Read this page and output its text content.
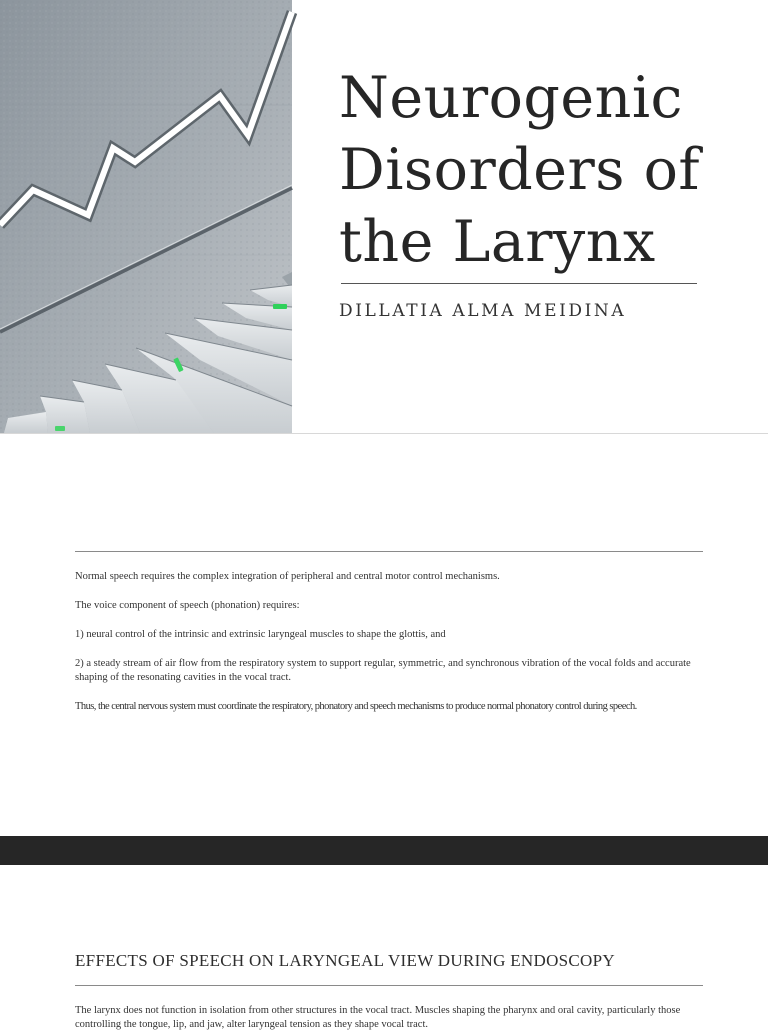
Neurogenic
Disorders of
the Larynx
DILLATIA ALMA MEIDINA

Normal speech requires the complex integration of peripheral and central motor control mechanisms.

The voice component of speech (phonation) requires:

1) neural control of the intrinsic and extrinsic laryngeal muscles to shape the glottis, and

2) a steady stream of air flow from the respiratory system to support regular, symmetric, and synchronous vibration of the vocal folds and accurate shaping of the resonating cavities in the vocal tract.

Thus, the central nervous system must coordinate the respiratory, phonatory and speech mechanisms to produce normal phonatory control during speech.

EFFECTS OF SPEECH ON LARYNGEAL VIEW DURING ENDOSCOPY

The larynx does not function in isolation from other structures in the vocal tract. Muscles shaping the pharynx and oral cavity, particularly those controlling the tongue, lip, and jaw, alter laryngeal tension as they shape vocal tract.
